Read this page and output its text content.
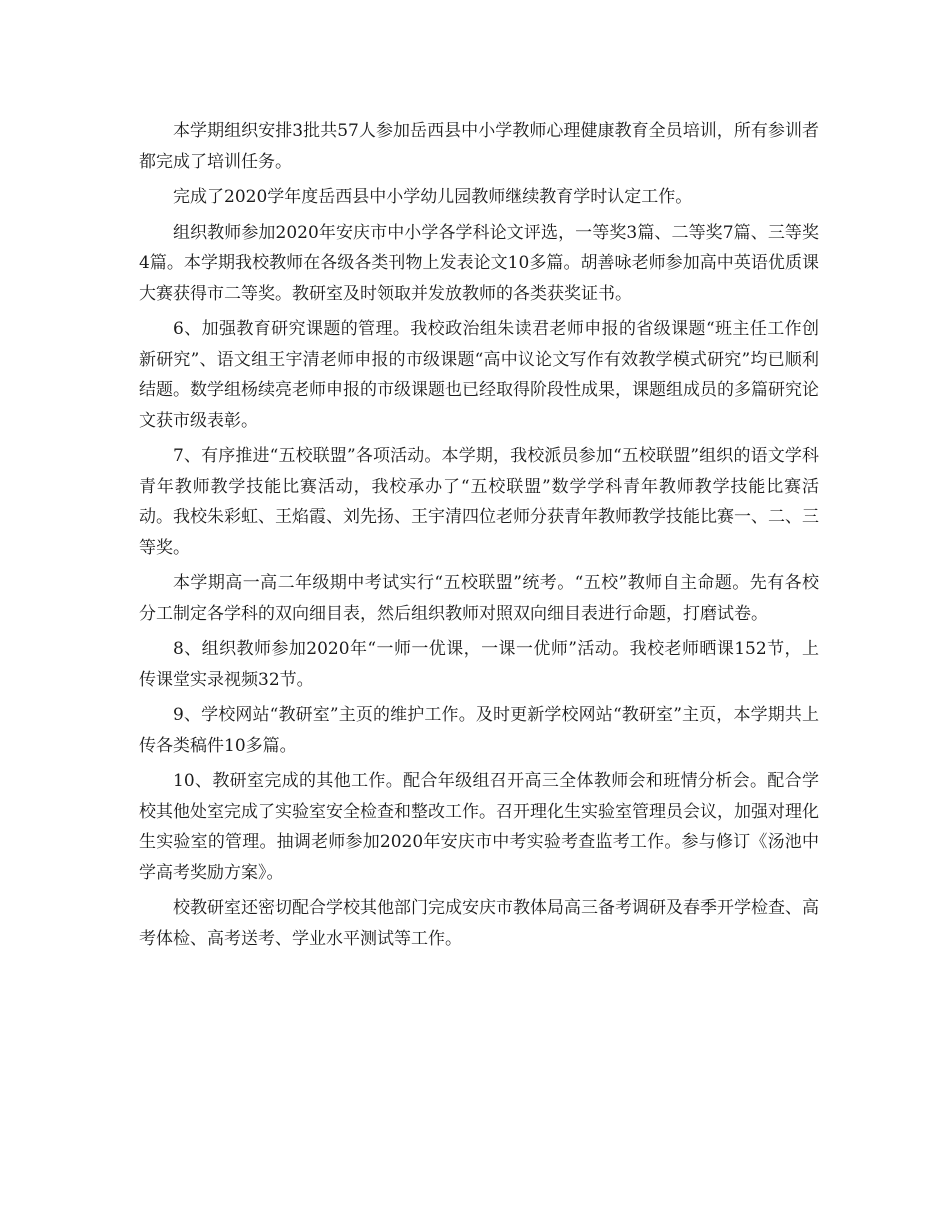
本学期组织安排3批共57人参加岳西县中小学教师心理健康教育全员培训，所有参训者都完成了培训任务。

完成了2020学年度岳西县中小学幼儿园教师继续教育学时认定工作。

组织教师参加2020年安庆市中小学各学科论文评选，一等奖3篇、二等奖7篇、三等奖4篇。本学期我校教师在各级各类刊物上发表论文10多篇。胡善咏老师参加高中英语优质课大赛获得市二等奖。教研室及时领取并发放教师的各类获奖证书。

6、加强教育研究课题的管理。我校政治组朱读君老师申报的省级课题“班主任工作创新研究”、语文组王宇清老师申报的市级课题“高中议论文写作有效教学模式研究”均已顺利结题。数学组杨续亮老师申报的市级课题也已经取得阶段性成果，课题组成员的多篇研究论文获市级表彰。

7、有序推进“五校联盟”各项活动。本学期，我校派员参加“五校联盟”组织的语文学科青年教师教学技能比赛活动，我校承办了“五校联盟”数学学科青年教师教学技能比赛活动。我校朱彩虹、王焰霞、刘先扬、王宇清四位老师分获青年教师教学技能比赛一、二、三等奖。

本学期高一高二年级期中考试实行“五校联盟”统考。“五校”教师自主命题。先有各校分工制定各学科的双向细目表，然后组织教师对照双向细目表进行命题，打磨试卷。

8、组织教师参加2020年“一师一优课，一课一优师”活动。我校老师晒课152节，上传课堂实录视频32节。

9、学校网站“教研室”主页的维护工作。及时更新学校网站“教研室”主页，本学期共上传各类稿件10多篇。

10、教研室完成的其他工作。配合年级组召开高三全体教师会和班情分析会。配合学校其他处室完成了实验室安全检查和整改工作。召开理化生实验室管理员会议，加强对理化生实验室的管理。抽调老师参加2020年安庆市中考实验考查监考工作。参与修订《汤池中学高考奖励方案》。

校教研室还密切配合学校其他部门完成安庆市教体局高三备考调研及春季开学检查、高考体检、高考送考、学业水平测试等工作。
